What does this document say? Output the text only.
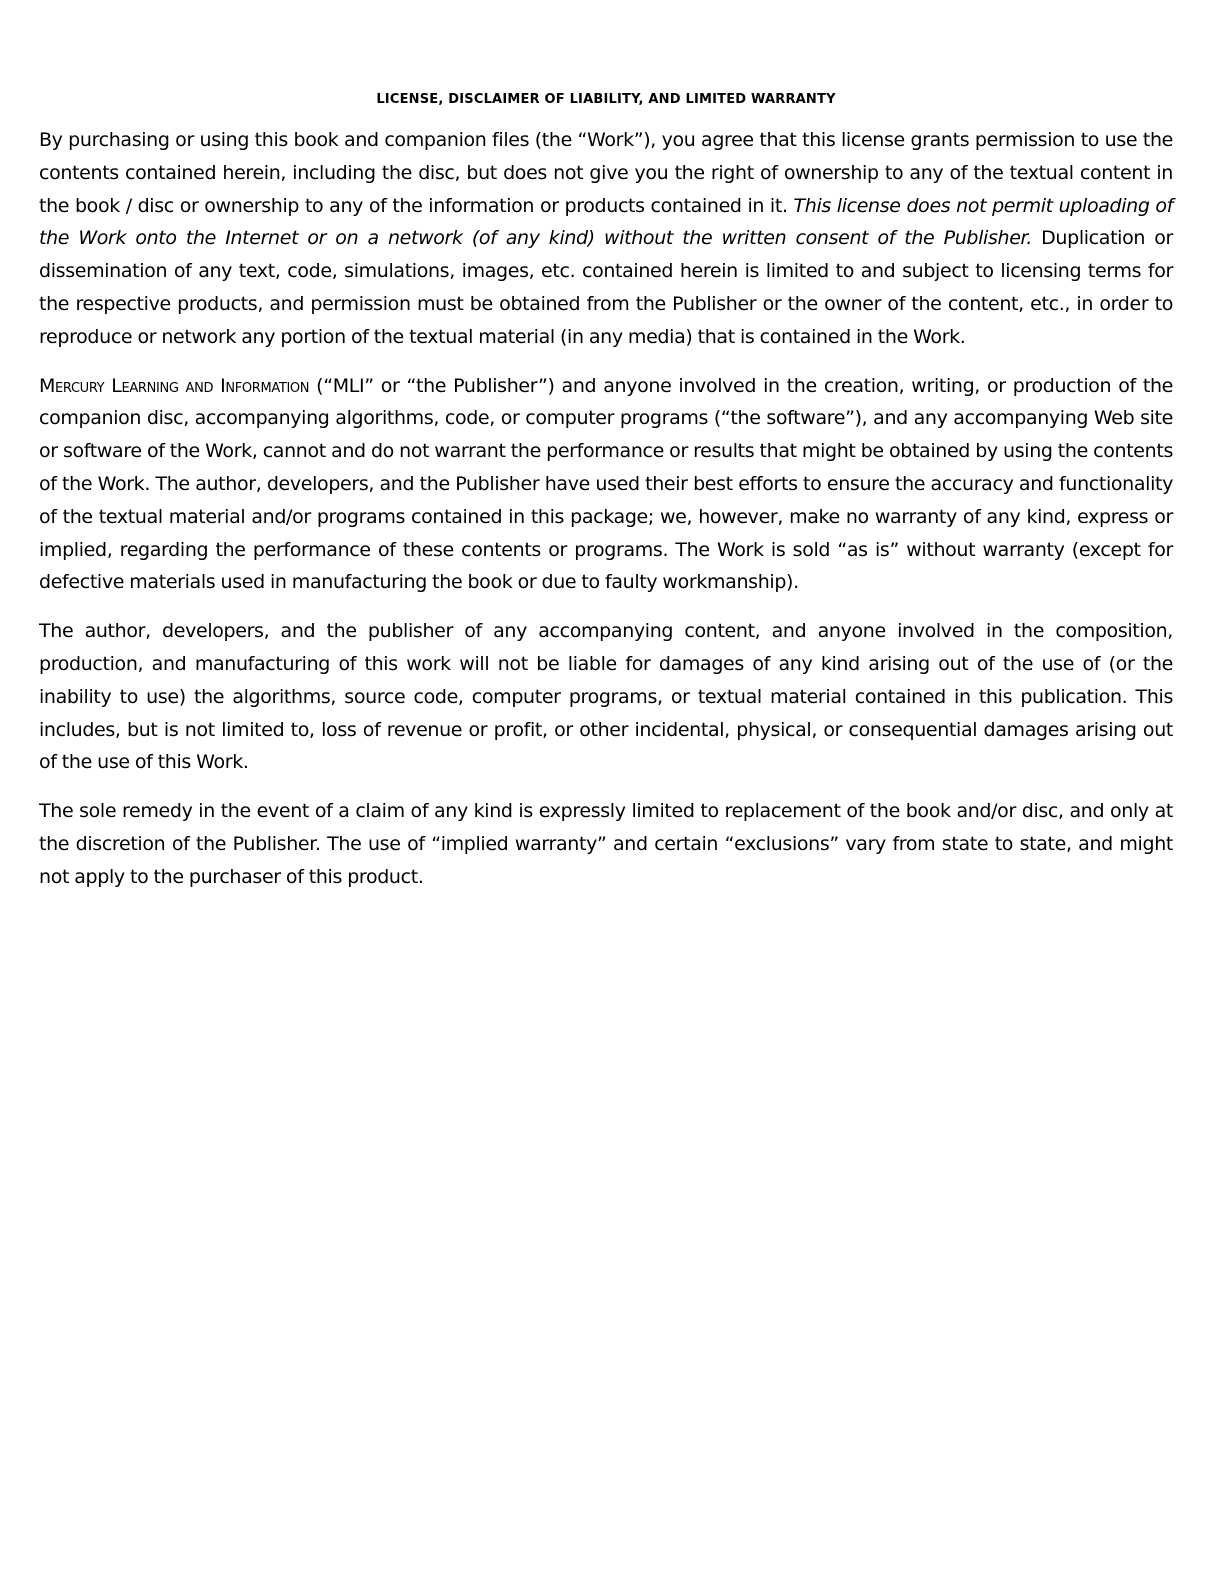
LICENSE, DISCLAIMER OF LIABILITY, AND LIMITED WARRANTY

By purchasing or using this book and companion files (the “Work”), you agree that this license grants permission to use the contents contained herein, including the disc, but does not give you the right of ownership to any of the textual content in the book / disc or ownership to any of the information or products contained in it. This license does not permit uploading of the Work onto the Internet or on a network (of any kind) without the written consent of the Publisher. Duplication or dissemination of any text, code, simulations, images, etc. contained herein is limited to and subject to licensing terms for the respective products, and permission must be obtained from the Publisher or the owner of the content, etc., in order to reproduce or network any portion of the textual material (in any media) that is contained in the Work.

Mercury Learning and Information (“MLI” or “the Publisher”) and anyone involved in the creation, writing, or production of the companion disc, accompanying algorithms, code, or computer programs (“the software”), and any accompanying Web site or software of the Work, cannot and do not warrant the performance or results that might be obtained by using the contents of the Work. The author, developers, and the Publisher have used their best efforts to ensure the accuracy and functionality of the textual material and/or programs contained in this package; we, however, make no warranty of any kind, express or implied, regarding the performance of these contents or programs. The Work is sold “as is” without warranty (except for defective materials used in manufacturing the book or due to faulty workmanship).

The author, developers, and the publisher of any accompanying content, and anyone involved in the composition, production, and manufacturing of this work will not be liable for damages of any kind arising out of the use of (or the inability to use) the algorithms, source code, computer programs, or textual material contained in this publication. This includes, but is not limited to, loss of revenue or profit, or other incidental, physical, or consequential damages arising out of the use of this Work.

The sole remedy in the event of a claim of any kind is expressly limited to replacement of the book and/or disc, and only at the discretion of the Publisher. The use of “implied warranty” and certain “exclusions” vary from state to state, and might not apply to the purchaser of this product.
